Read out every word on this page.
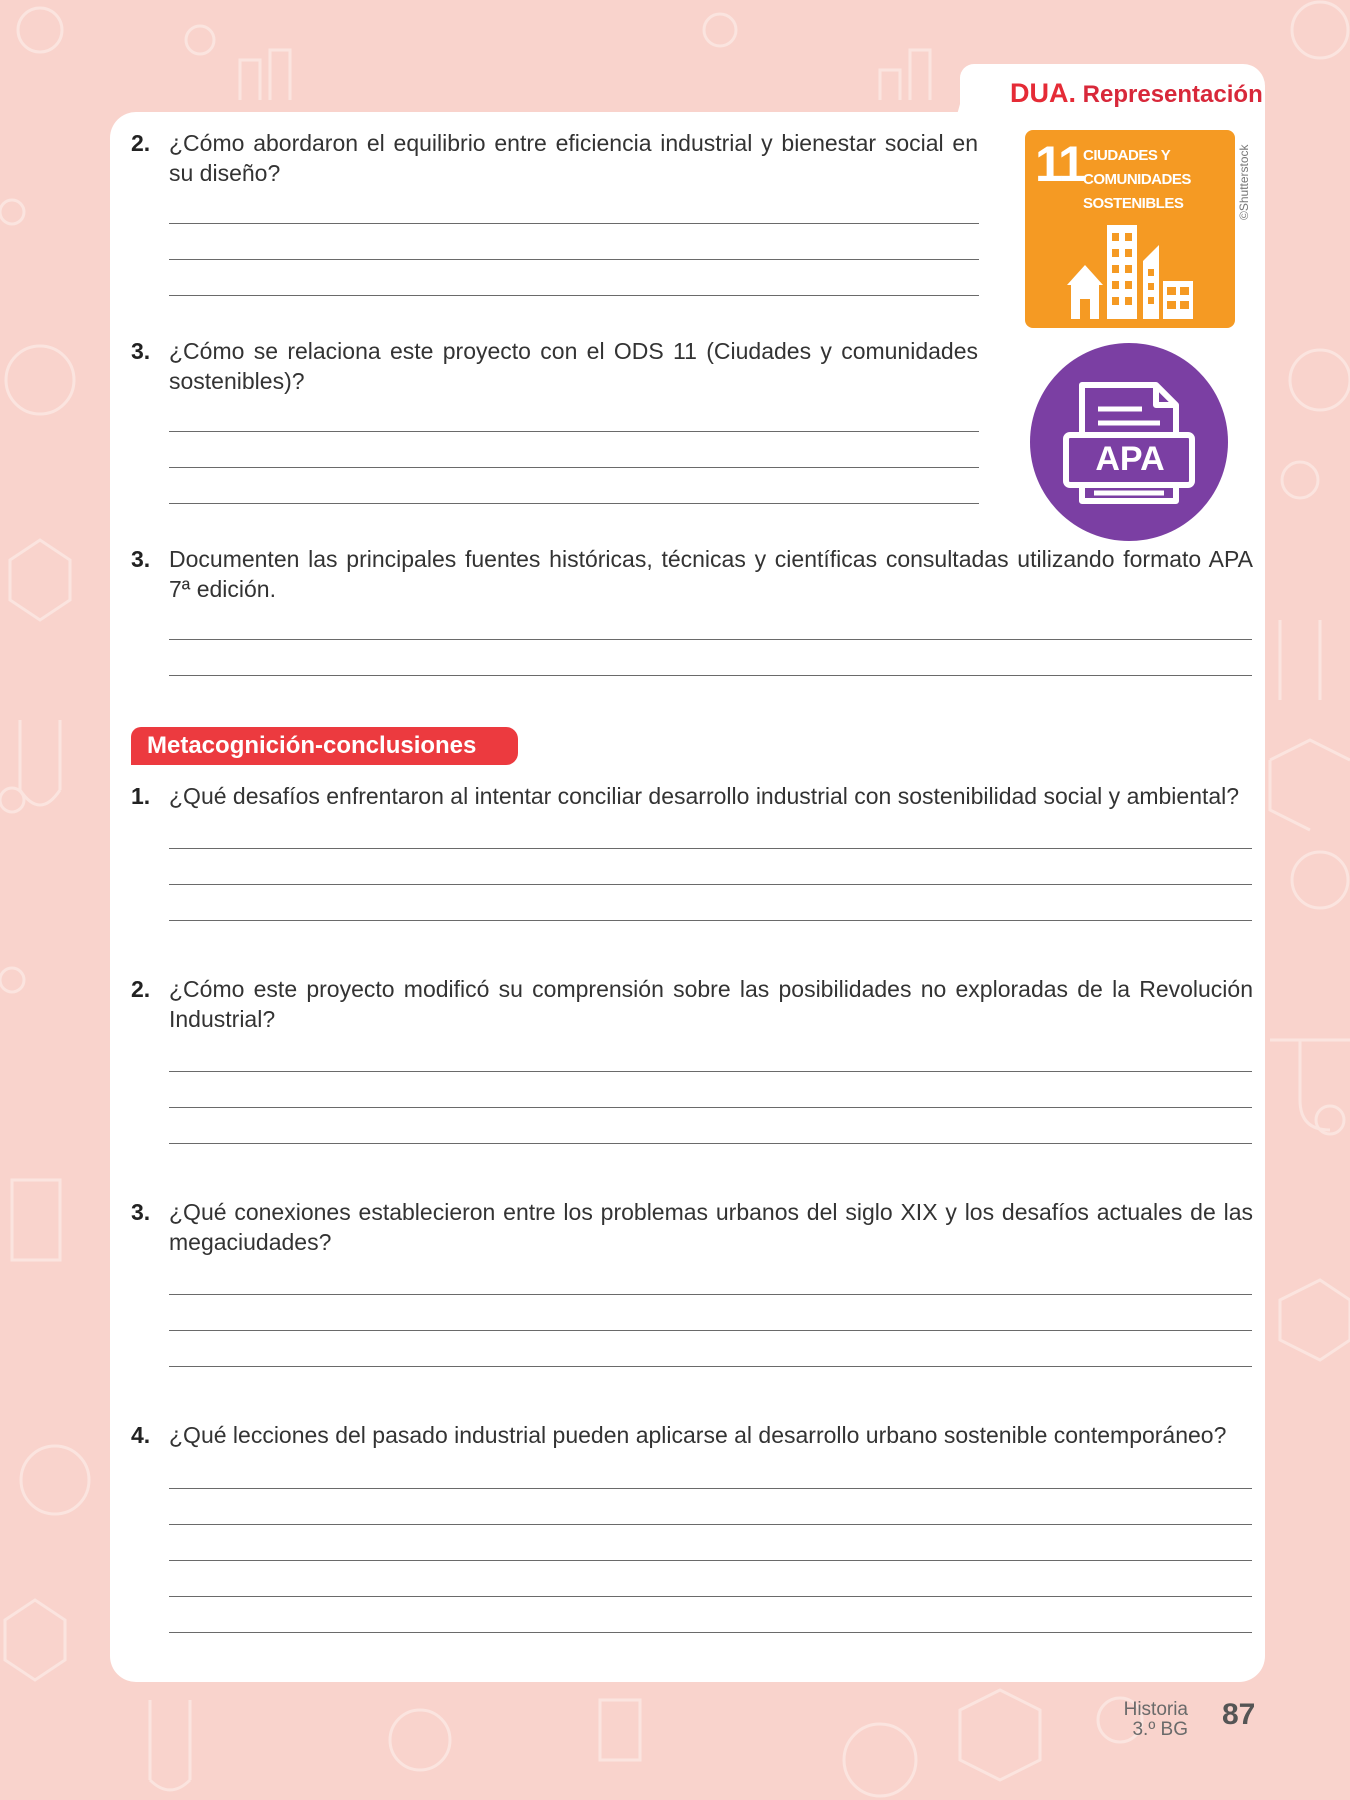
DUA. Representación
2. ¿Cómo abordaron el equilibrio entre eficiencia industrial y bienestar social en su diseño?
3. ¿Cómo se relaciona este proyecto con el ODS 11 (Ciudades y comunidades sostenibles)?
3. Documenten las principales fuentes históricas, técnicas y científicas consultadas utilizando formato APA 7ª edición.
Metacognición-conclusiones
1. ¿Qué desafíos enfrentaron al intentar conciliar desarrollo industrial con sostenibilidad social y ambiental?
2. ¿Cómo este proyecto modificó su comprensión sobre las posibilidades no exploradas de la Revolución Industrial?
3. ¿Qué conexiones establecieron entre los problemas urbanos del siglo XIX y los desafíos actuales de las megaciudades?
4. ¿Qué lecciones del pasado industrial pueden aplicarse al desarrollo urbano sostenible contemporáneo?
11 CIUDADES Y
COMUNIDADES
SOSTENIBLES	©Shutterstock
APA
Historia
3.º BG 87
